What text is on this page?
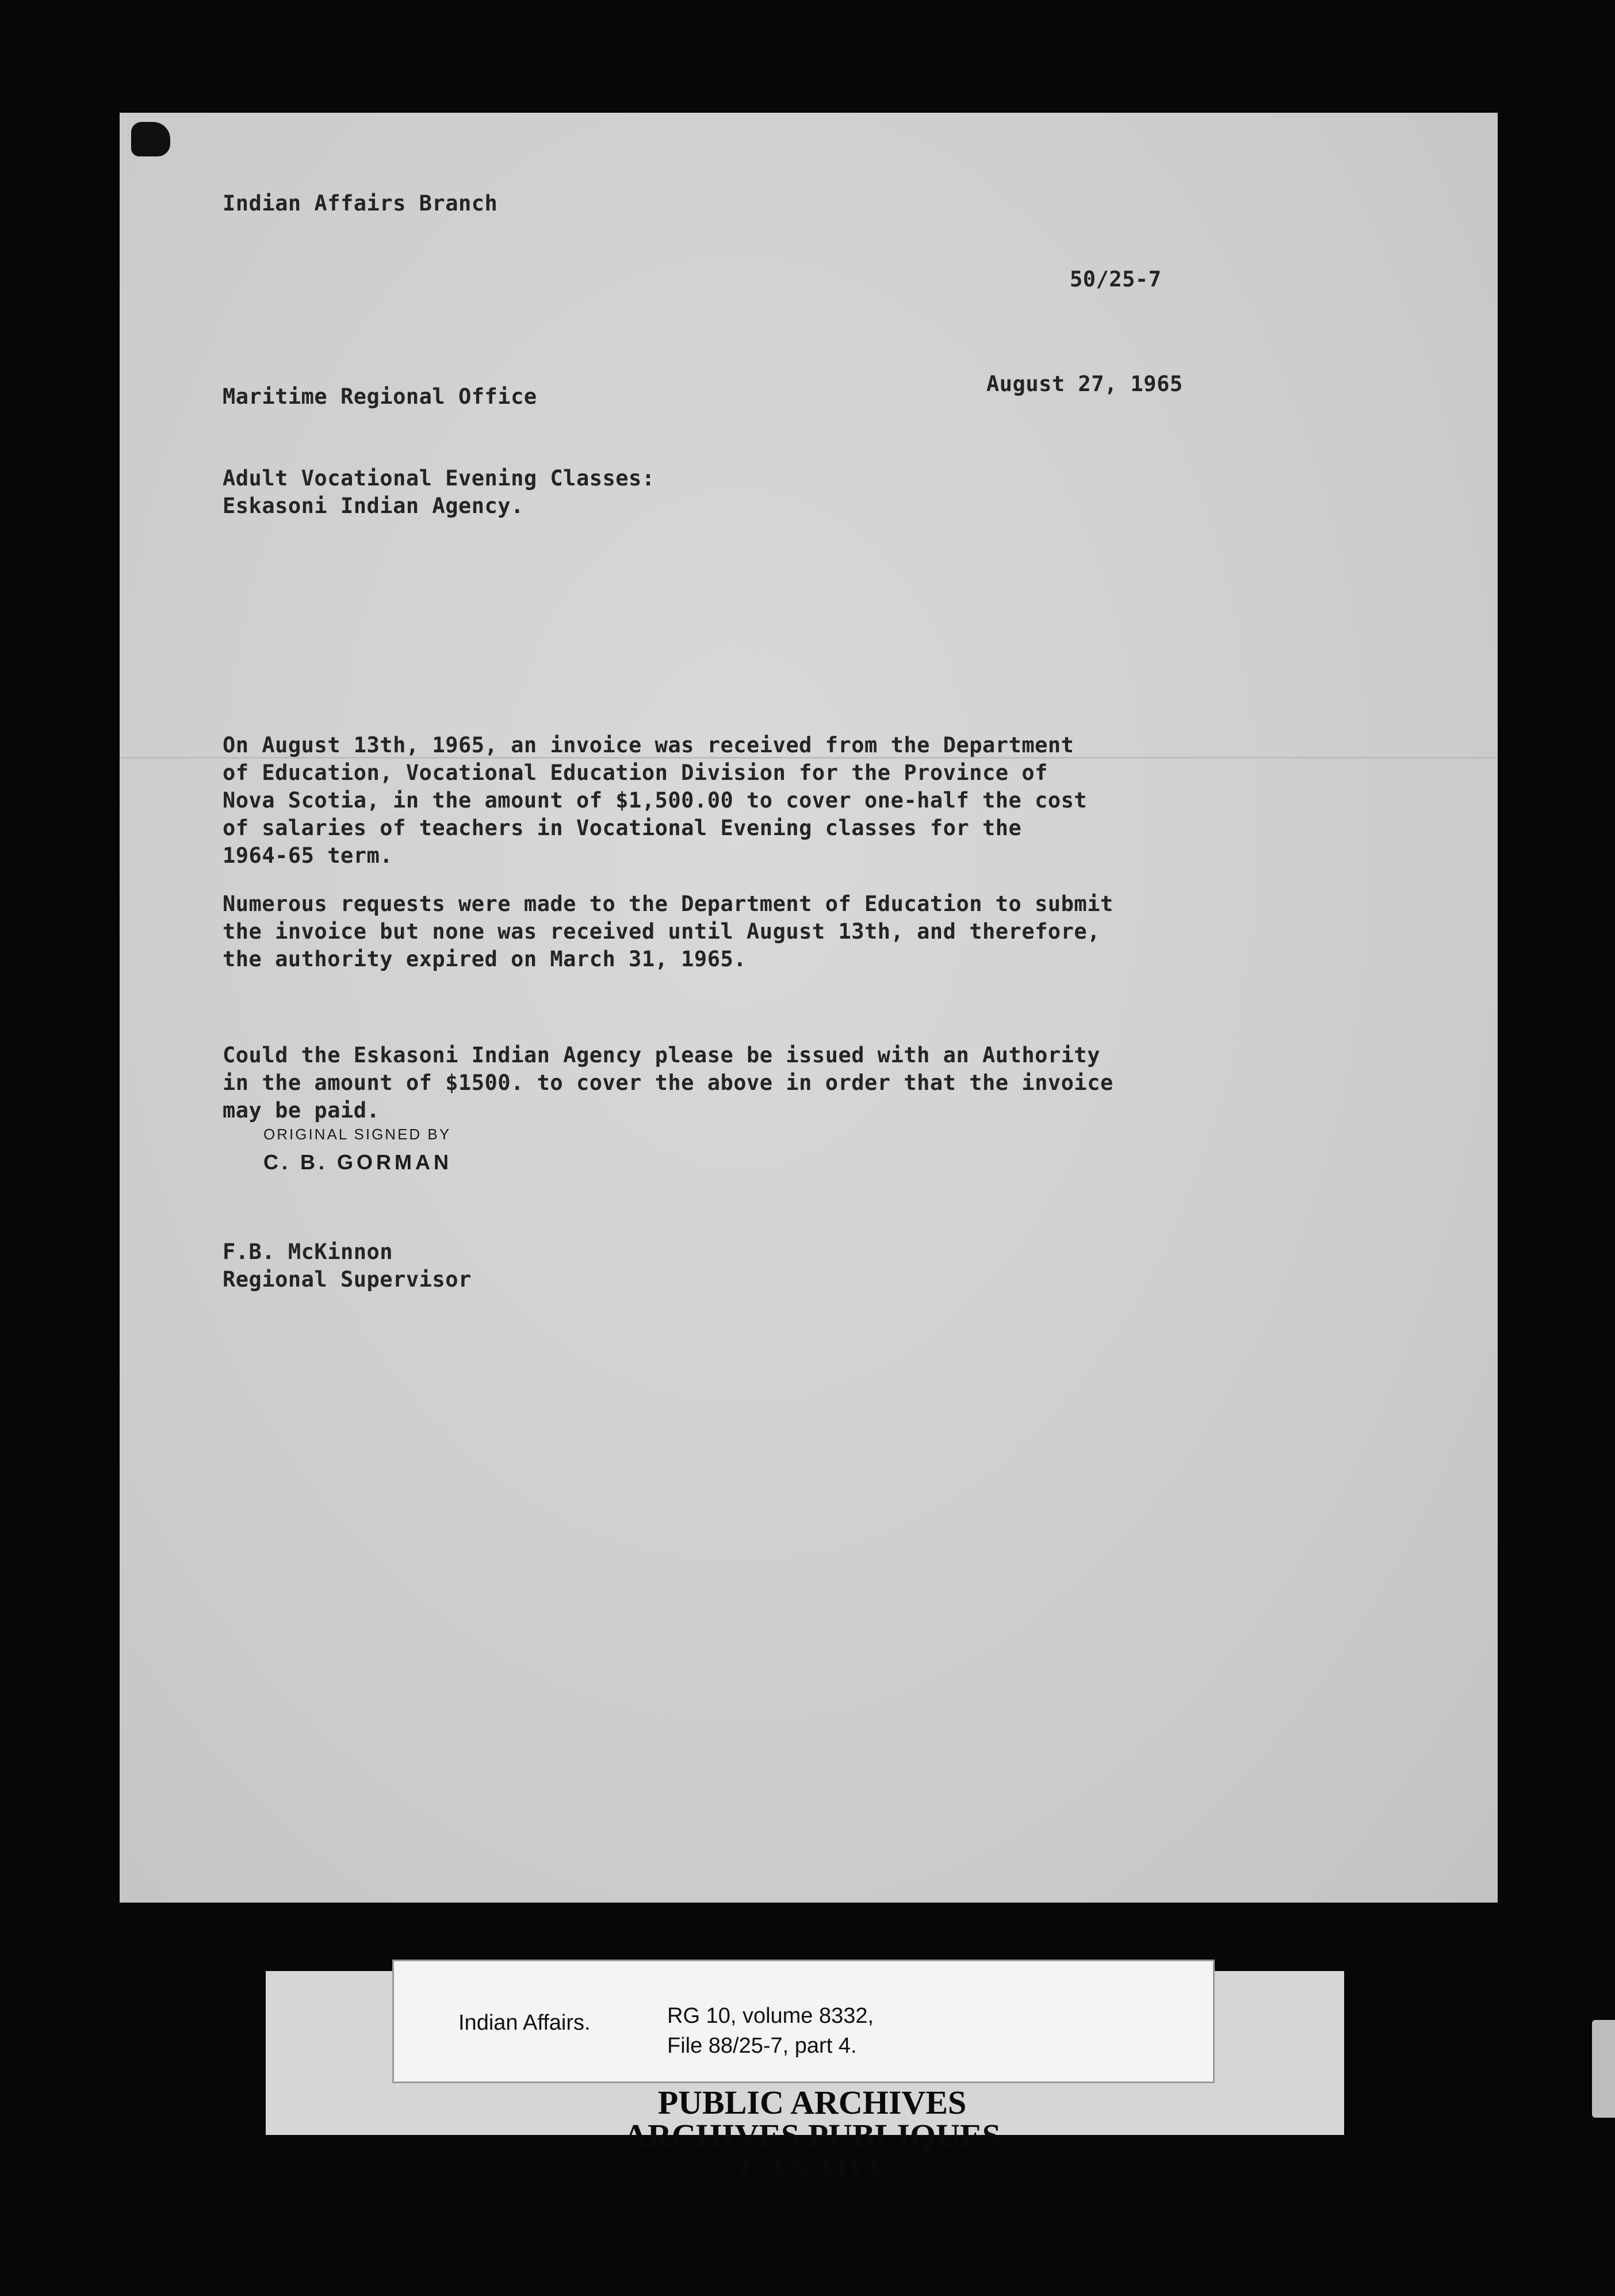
Indian Affairs Branch
50/25-7
Maritime Regional Office
August 27, 1965
Adult Vocational Evening Classes:
Eskasoni Indian Agency.
On August 13th, 1965, an invoice was received from the Department
of Education, Vocational Education Division for the Province of
Nova Scotia, in the amount of $1,500.00 to cover one-half the cost
of salaries of teachers in Vocational Evening classes for the
1964-65 term.
Numerous requests were made to the Department of Education to submit
the invoice but none was received until August 13th, and therefore,
the authority expired on March 31, 1965.
Could the Eskasoni Indian Agency please be issued with an Authority
in the amount of $1500. to cover the above in order that the invoice
may be paid.
ORIGINAL SIGNED BY
C. B. GORMAN
F.B. McKinnon
Regional Supervisor
Indian Affairs.	RG 10, volume 8332,
File 88/25-7, part 4.
PUBLIC ARCHIVES
ARCHIVES PUBLIQUES
CANADA
